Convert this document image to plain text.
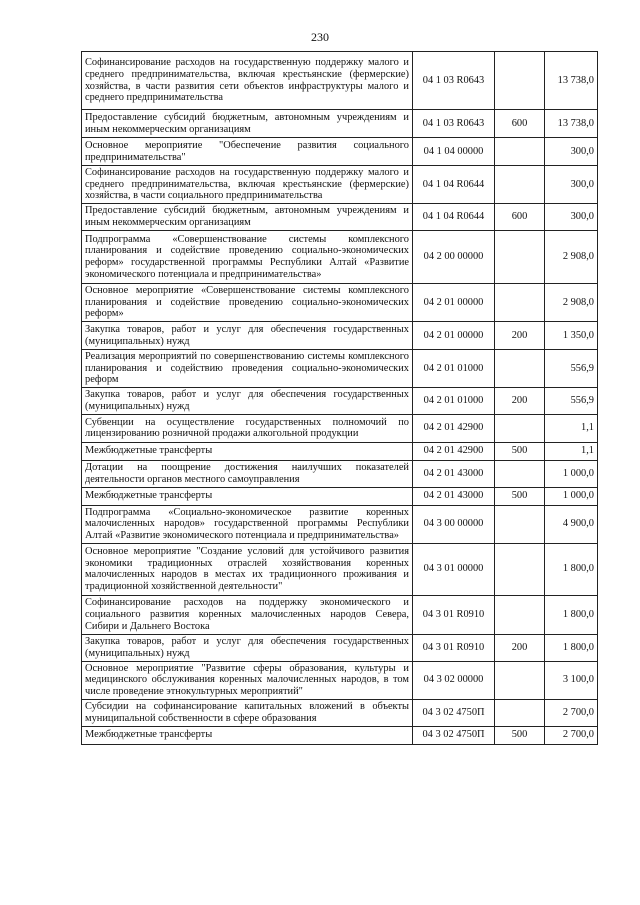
230
Софинансирование расходов на государственную поддержку малого и среднего предпринимательства, включая крестьянские (фермерские) хозяйства, в части развития сети объектов инфраструктуры малого и среднего предпринимательства	04 1 03 R0643		13 738,0
Предоставление субсидий бюджетным, автономным учреждениям и иным некоммерческим организациям	04 1 03 R0643	600	13 738,0
Основное мероприятие "Обеспечение развития социального предпринимательства"	04 1 04 00000		300,0
Софинансирование расходов на государственную поддержку малого и среднего предпринимательства, включая крестьянские (фермерские) хозяйства, в части социального предпринимательства	04 1 04 R0644		300,0
Предоставление субсидий бюджетным, автономным учреждениям и иным некоммерческим организациям	04 1 04 R0644	600	300,0
Подпрограмма «Совершенствование системы комплексного планирования и содействие проведению социально-экономических реформ» государственной программы Республики Алтай «Развитие экономического потенциала и предпринимательства»	04 2 00 00000		2 908,0
Основное мероприятие «Совершенствование системы комплексного планирования и содействие проведению социально-экономических реформ»	04 2 01 00000		2 908,0
Закупка товаров, работ и услуг для обеспечения государственных (муниципальных) нужд	04 2 01 00000	200	1 350,0
Реализация мероприятий по совершенствованию системы комплексного планирования и содействию проведения социально-экономических реформ	04 2 01 01000		556,9
Закупка товаров, работ и услуг для обеспечения государственных (муниципальных) нужд	04 2 01 01000	200	556,9
Субвенции на осуществление государственных полномочий по лицензированию розничной продажи алкогольной продукции	04 2 01 42900		1,1
Межбюджетные трансферты	04 2 01 42900	500	1,1
Дотации на поощрение достижения наилучших показателей деятельности органов местного самоуправления	04 2 01 43000		1 000,0
Межбюджетные трансферты	04 2 01 43000	500	1 000,0
Подпрограмма «Социально-экономическое развитие коренных малочисленных народов» государственной программы Республики Алтай «Развитие экономического потенциала и предпринимательства»	04 3 00 00000		4 900,0
Основное мероприятие "Создание условий для устойчивого развития экономики традиционных отраслей хозяйствования коренных малочисленных народов в местах их традиционного проживания и традиционной хозяйственной деятельности"	04 3 01 00000		1 800,0
Софинансирование расходов на поддержку экономического и социального развития коренных малочисленных народов Севера, Сибири и Дальнего Востока	04 3 01 R0910		1 800,0
Закупка товаров, работ и услуг для обеспечения государственных (муниципальных) нужд	04 3 01 R0910	200	1 800,0
Основное мероприятие "Развитие сферы образования, культуры и медицинского обслуживания коренных малочисленных народов, в том числе проведение этнокультурных мероприятий"	04 3 02 00000		3 100,0
Субсидии на софинансирование капитальных вложений в объекты муниципальной собственности в сфере образования	04 3 02 4750П		2 700,0
Межбюджетные трансферты	04 3 02 4750П	500	2 700,0
